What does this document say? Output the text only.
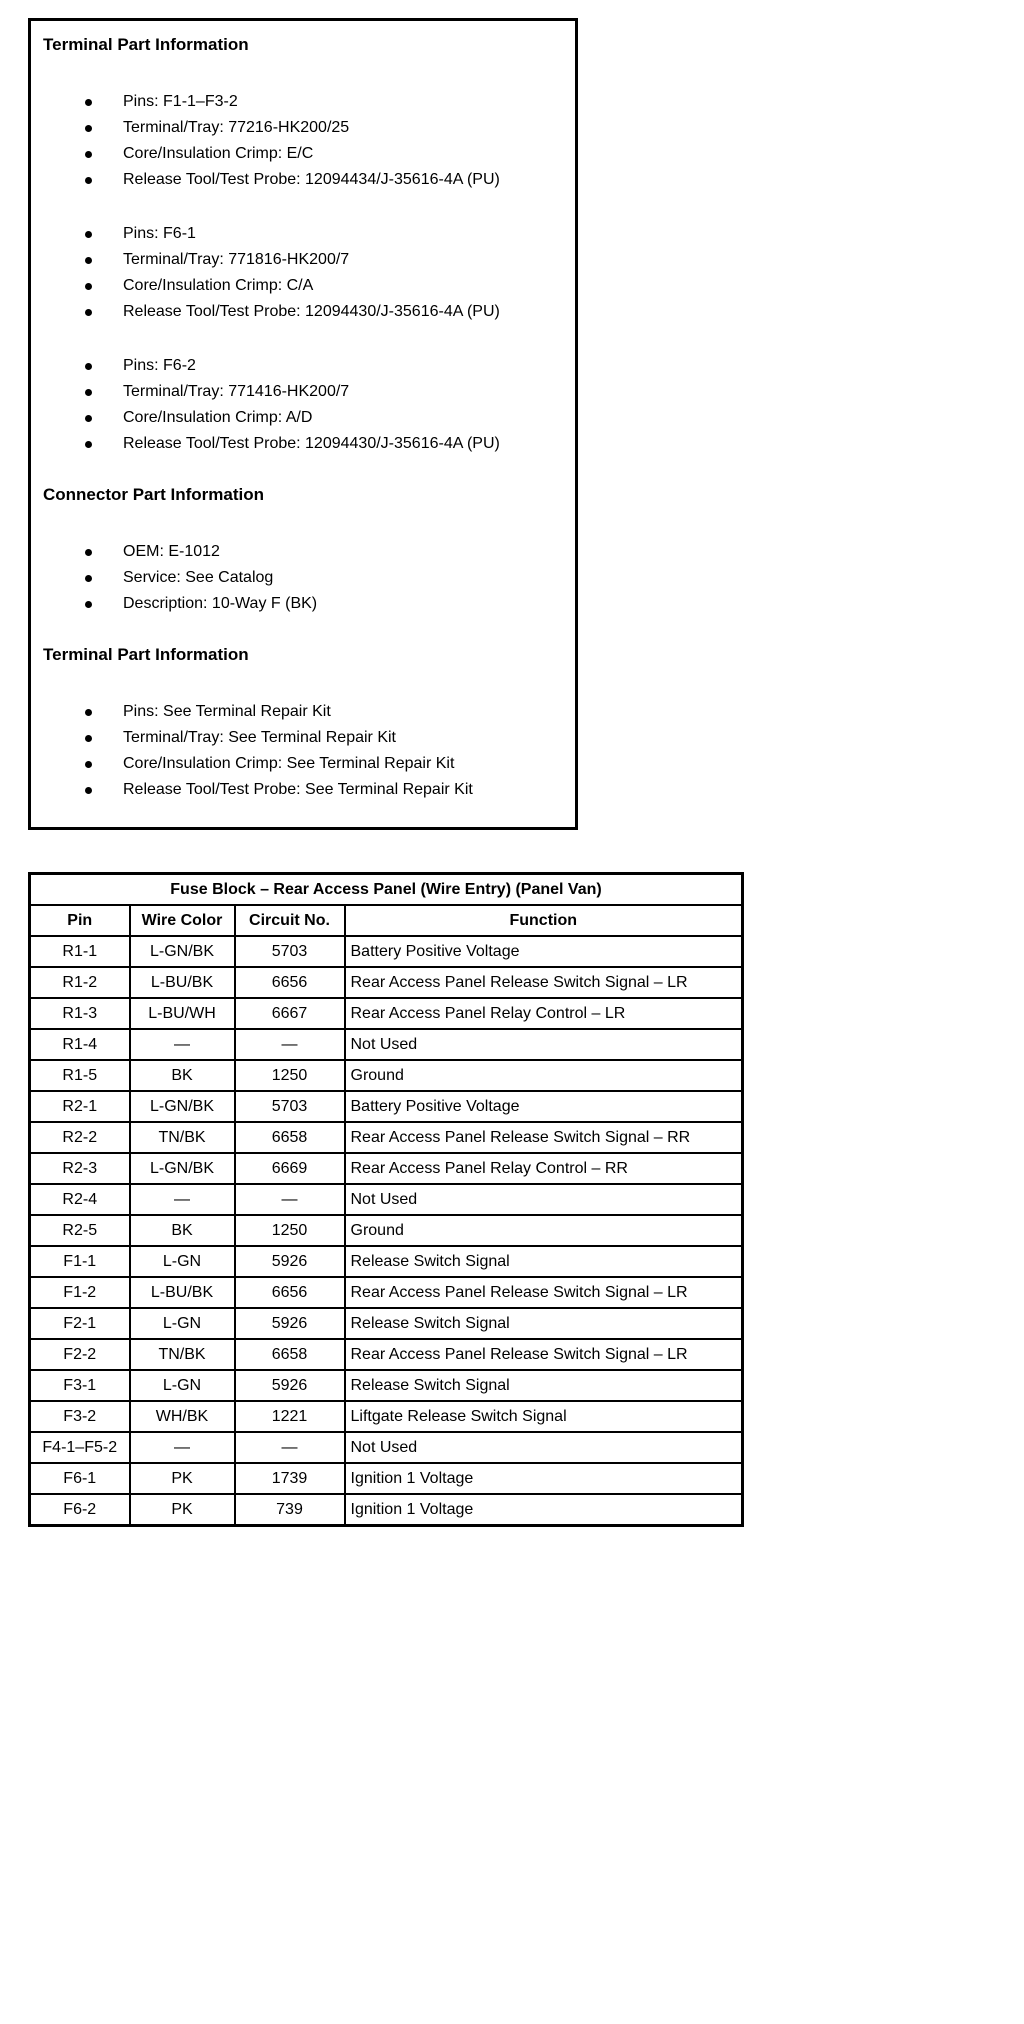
Terminal Part Information
Pins: F1-1–F3-2
Terminal/Tray: 77216-HK200/25
Core/Insulation Crimp: E/C
Release Tool/Test Probe: 12094434/J-35616-4A (PU)
Pins: F6-1
Terminal/Tray: 771816-HK200/7
Core/Insulation Crimp: C/A
Release Tool/Test Probe: 12094430/J-35616-4A (PU)
Pins: F6-2
Terminal/Tray: 771416-HK200/7
Core/Insulation Crimp: A/D
Release Tool/Test Probe: 12094430/J-35616-4A (PU)
Connector Part Information
OEM: E-1012
Service: See Catalog
Description: 10-Way F (BK)
Terminal Part Information
Pins: See Terminal Repair Kit
Terminal/Tray: See Terminal Repair Kit
Core/Insulation Crimp: See Terminal Repair Kit
Release Tool/Test Probe: See Terminal Repair Kit
Fuse Block – Rear Access Panel (Wire Entry) (Panel Van)			
Pin	Wire Color	Circuit No.	Function
R1-1	L-GN/BK	5703	Battery Positive Voltage
R1-2	L-BU/BK	6656	Rear Access Panel Release Switch Signal – LR
R1-3	L-BU/WH	6667	Rear Access Panel Relay Control – LR
R1-4	—	—	Not Used
R1-5	BK	1250	Ground
R2-1	L-GN/BK	5703	Battery Positive Voltage
R2-2	TN/BK	6658	Rear Access Panel Release Switch Signal – RR
R2-3	L-GN/BK	6669	Rear Access Panel Relay Control – RR
R2-4	—	—	Not Used
R2-5	BK	1250	Ground
F1-1	L-GN	5926	Release Switch Signal
F1-2	L-BU/BK	6656	Rear Access Panel Release Switch Signal – LR
F2-1	L-GN	5926	Release Switch Signal
F2-2	TN/BK	6658	Rear Access Panel Release Switch Signal – LR
F3-1	L-GN	5926	Release Switch Signal
F3-2	WH/BK	1221	Liftgate Release Switch Signal
F4-1–F5-2	—	—	Not Used
F6-1	PK	1739	Ignition 1 Voltage
F6-2	PK	739	Ignition 1 Voltage
